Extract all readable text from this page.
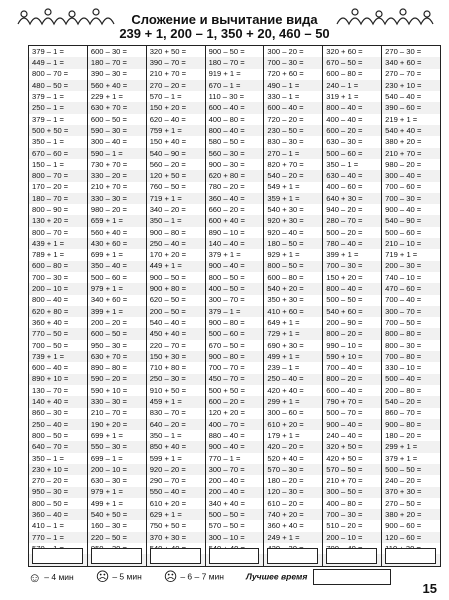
Сложение и вычитание вида
239 + 1, 200 – 1, 350 + 20, 460 – 50
379 – 1 =
449 – 1 =
800 – 70 =
480 – 50 =
379 – 1 =
250 – 1 =
379 – 1 =
500 + 50 =
350 – 1 =
670 – 60 =
150 – 1 =
800 – 70 =
170 – 20 =
180 – 70 =
800 – 90 =
130 + 20 =
800 – 70 =
439 + 1 =
789 + 1 =
600 – 80 =
700 – 30 =
200 – 10 =
800 – 40 =
620 + 80 =
360 + 40 =
770 – 50 =
700 – 50 =
739 + 1 =
600 – 40 =
890 + 10 =
130 – 70 =
140 + 40 =
860 – 30 =
250 – 40 =
800 – 50 =
640 – 70 =
350 – 1 =
230 + 10 =
270 – 20 =
950 – 30 =
800 – 50 =
360 – 40 =
410 – 1 =
770 – 1 =
600 – 30 =
180 – 70 =
390 – 30 =
560 + 40 =
229 + 1 =
630 + 70 =
600 – 50 =
590 – 30 =
300 – 40 =
590 – 1 =
730 + 70 =
330 – 20 =
210 + 70 =
330 – 30 =
980 – 20 =
659 + 1 =
560 + 40 =
430 + 60 =
699 + 1 =
350 – 40 =
500 – 60 =
979 + 1 =
340 + 60 =
399 + 1 =
200 – 20 =
600 – 50 =
950 – 30 =
630 + 70 =
890 – 80 =
590 – 20 =
590 + 10 =
330 – 30 =
210 – 70 =
190 + 20 =
699 + 1 =
550 – 30 =
699 – 1 =
200 – 10 =
630 – 30 =
979 + 1 =
499 + 1 =
540 + 50 =
160 – 30 =
220 – 50 =
320 + 50 =
390 – 70 =
210 + 70 =
270 – 20 =
570 – 1 =
150 + 20 =
620 – 40 =
759 + 1 =
150 + 40 =
540 – 90 =
560 – 20 =
120 + 50 =
760 – 50 =
719 + 1 =
340 – 20 =
350 – 1 =
900 – 80 =
250 – 40 =
170 + 20 =
449 + 1 =
900 – 50 =
900 + 80 =
620 – 50 =
200 – 50 =
540 – 40 =
450 + 40 =
220 – 70 =
150 + 30 =
710 + 80 =
250 – 30 =
910 + 50 =
459 + 1 =
830 – 70 =
640 – 20 =
350 – 1 =
850 + 40 =
599 + 1 =
920 – 20 =
290 – 70 =
550 – 40 =
610 + 20 =
629 + 1 =
750 + 50 =
370 + 30 =
900 – 50 =
180 – 70 =
919 + 1 =
670 – 1 =
110 – 30 =
600 – 40 =
400 – 80 =
800 – 40 =
580 – 50 =
560 – 30 =
900 – 30 =
620 + 80 =
780 – 20 =
360 – 40 =
660 – 20 =
600 + 40 =
890 – 10 =
140 – 40 =
379 + 1 =
900 – 40 =
800 – 50 =
400 – 50 =
300 – 70 =
379 – 1 =
900 – 80 =
500 – 60 =
670 – 50 =
900 – 80 =
700 – 70 =
450 – 70 =
500 + 50 =
600 – 20 =
120 + 20 =
400 – 70 =
880 – 40 =
900 – 40 =
770 – 1 =
300 – 70 =
200 – 40 =
200 – 40 =
340 + 40 =
500 – 50 =
570 – 50 =
300 – 10 =
300 – 20 =
700 – 30 =
720 + 60 =
490 – 1 =
330 – 1 =
600 – 40 =
720 – 20 =
230 – 50 =
830 – 30 =
270 – 1 =
820 + 70 =
540 – 20 =
549 + 1 =
359 + 1 =
540 + 30 =
920 + 30 =
920 – 40 =
180 – 50 =
929 + 1 =
800 – 50 =
600 – 80 =
540 + 20 =
350 + 30 =
410 + 60 =
649 + 1 =
729 + 1 =
690 + 30 =
499 + 1 =
239 – 1 =
250 – 40 =
420 + 40 =
299 + 1 =
300 – 60 =
610 + 20 =
179 + 1 =
420 – 20 =
520 + 40 =
570 – 30 =
180 – 20 =
120 – 30 =
610 – 20 =
740 + 20 =
360 + 40 =
249 + 1 =
320 + 60 =
670 – 50 =
600 – 80 =
240 – 1 =
319 + 1 =
800 – 40 =
400 – 40 =
600 – 20 =
630 – 30 =
500 – 60 =
350 – 1 =
630 – 40 =
400 – 60 =
640 + 30 =
940 – 20 =
280 – 70 =
500 – 20 =
780 – 40 =
399 + 1 =
700 – 30 =
150 + 20 =
800 – 40 =
500 – 50 =
540 + 60 =
200 – 90 =
800 – 20 =
990 – 10 =
590 + 10 =
700 – 40 =
800 – 20 =
600 – 40 =
790 + 70 =
500 – 70 =
900 – 40 =
240 – 40 =
320 + 50 =
420 + 50 =
570 – 50 =
210 + 70 =
300 – 50 =
400 – 80 =
700 – 30 =
510 – 20 =
200 – 10 =
270 – 30 =
340 + 60 =
270 – 70 =
230 + 10 =
540 – 40 =
390 – 60 =
219 + 1 =
540 + 40 =
380 + 20 =
210 + 70 =
980 – 20 =
300 – 40 =
700 – 60 =
700 – 30 =
900 – 40 =
540 – 90 =
500 – 60 =
210 – 10 =
719 + 1 =
200 – 30 =
740 – 10 =
470 – 60 =
700 – 40 =
300 – 70 =
700 – 50 =
800 – 80 =
800 – 30 =
700 – 80 =
330 – 10 =
500 – 40 =
200 – 80 =
540 – 20 =
860 – 70 =
900 – 80 =
180 – 20 =
299 + 1 =
379 + 1 =
500 – 50 =
240 – 20 =
370 + 30 =
270 – 50 =
380 + 20 =
900 – 60 =
120 – 60 =
☺ – 4 мин ☹ – 5 мин ☹ – 6 – 7 мин	Лучшее время
15
